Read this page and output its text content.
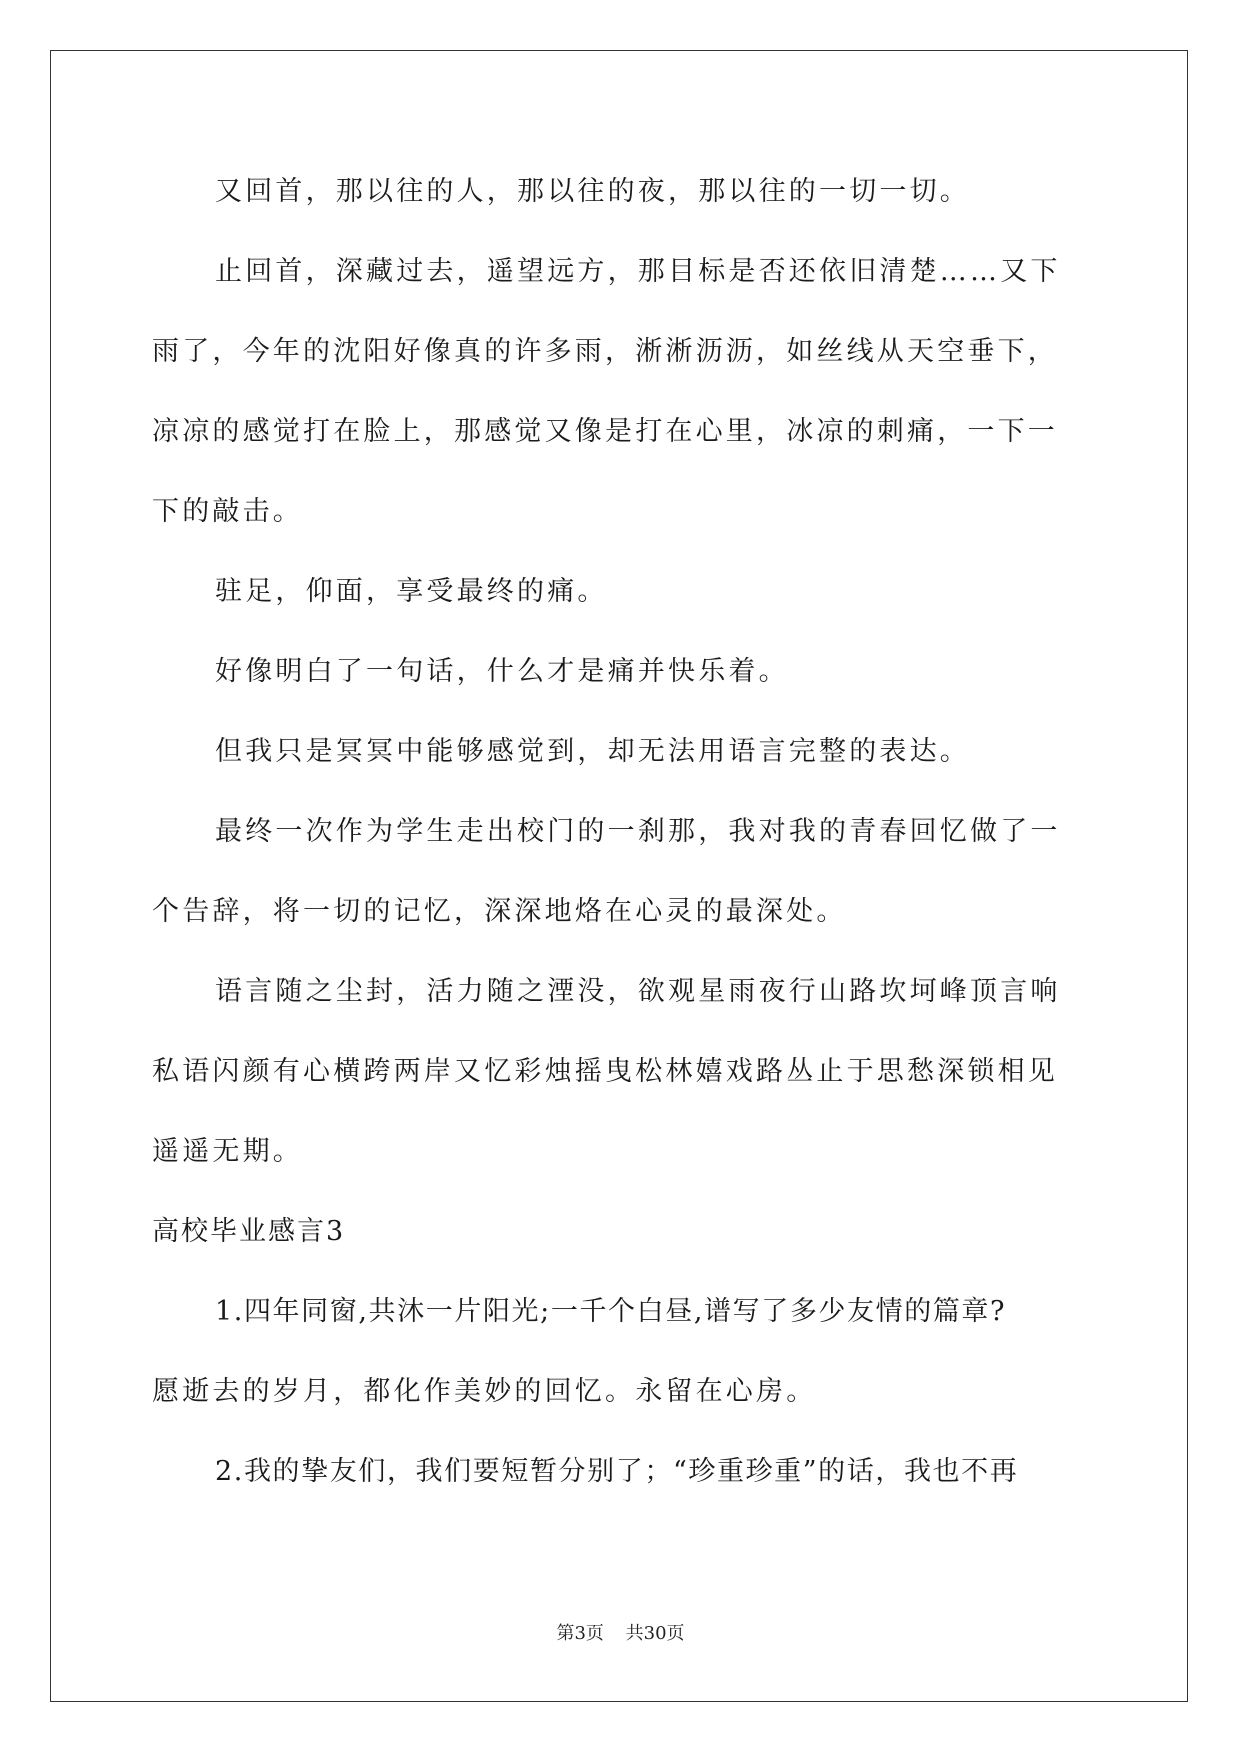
又回首，那以往的人，那以往的夜，那以往的一切一切。
止回首，深藏过去，遥望远方，那目标是否还依旧清楚……又下
雨了，今年的沈阳好像真的许多雨，淅淅沥沥，如丝线从天空垂下，
凉凉的感觉打在脸上，那感觉又像是打在心里，冰凉的刺痛，一下一
下的敲击。
驻足，仰面，享受最终的痛。
好像明白了一句话，什么才是痛并快乐着。
但我只是冥冥中能够感觉到，却无法用语言完整的表达。
最终一次作为学生走出校门的一刹那，我对我的青春回忆做了一
个告辞，将一切的记忆，深深地烙在心灵的最深处。
语言随之尘封，活力随之湮没，欲观星雨夜行山路坎坷峰顶言响
私语闪颜有心横跨两岸又忆彩烛摇曳松林嬉戏路丛止于思愁深锁相见
遥遥无期。
高校毕业感言3
1.四年同窗,共沐一片阳光;一千个白昼,谱写了多少友情的篇章?
愿逝去的岁月，都化作美妙的回忆。永留在心房。
2.我的挚友们，我们要短暂分别了；“珍重珍重”的话，我也不再
第3页 共30页
